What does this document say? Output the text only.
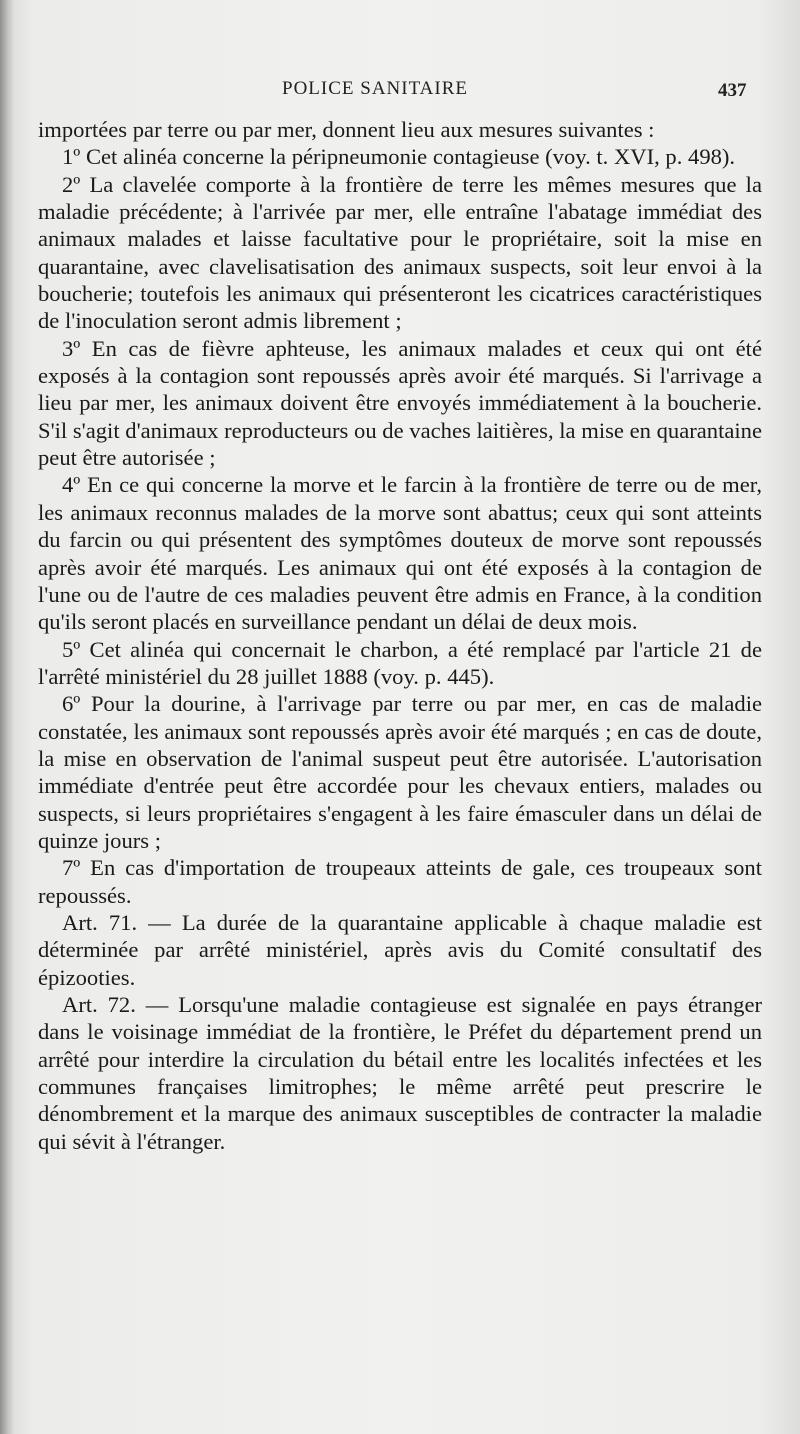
POLICE SANITAIRE	437

importées par terre ou par mer, donnent lieu aux mesures suivantes :

1º Cet alinéa concerne la péripneumonie contagieuse (voy. t. XVI, p. 498).

2º La clavelée comporte à la frontière de terre les mêmes mesures que la maladie précédente; à l'arrivée par mer, elle entraîne l'abatage immédiat des animaux malades et laisse facultative pour le propriétaire, soit la mise en quarantaine, avec clavelisatisation des animaux suspects, soit leur envoi à la boucherie; toutefois les animaux qui présenteront les cicatrices caractéristiques de l'inoculation seront admis librement ;

3º En cas de fièvre aphteuse, les animaux malades et ceux qui ont été exposés à la contagion sont repoussés après avoir été marqués. Si l'arrivage a lieu par mer, les animaux doivent être envoyés immédiatement à la boucherie. S'il s'agit d'animaux reproducteurs ou de vaches laitières, la mise en quarantaine peut être autorisée ;

4º En ce qui concerne la morve et le farcin à la frontière de terre ou de mer, les animaux reconnus malades de la morve sont abattus; ceux qui sont atteints du farcin ou qui présentent des symptômes douteux de morve sont repoussés après avoir été marqués. Les animaux qui ont été exposés à la contagion de l'une ou de l'autre de ces maladies peuvent être admis en France, à la condition qu'ils seront placés en surveillance pendant un délai de deux mois.

5º Cet alinéa qui concernait le charbon, a été remplacé par l'article 21 de l'arrêté ministériel du 28 juillet 1888 (voy. p. 445).

6º Pour la dourine, à l'arrivage par terre ou par mer, en cas de maladie constatée, les animaux sont repoussés après avoir été marqués ; en cas de doute, la mise en observation de l'animal suspeut peut être autorisée. L'autorisation immédiate d'entrée peut être accordée pour les chevaux entiers, malades ou suspects, si leurs propriétaires s'engagent à les faire émasculer dans un délai de quinze jours ;

7º En cas d'importation de troupeaux atteints de gale, ces troupeaux sont repoussés.

Art. 71. — La durée de la quarantaine applicable à chaque maladie est déterminée par arrêté ministériel, après avis du Comité consultatif des épizooties.

Art. 72. — Lorsqu'une maladie contagieuse est signalée en pays étranger dans le voisinage immédiat de la frontière, le Préfet du département prend un arrêté pour interdire la circulation du bétail entre les localités infectées et les communes françaises limitrophes; le même arrêté peut prescrire le dénombrement et la marque des animaux susceptibles de contracter la maladie qui sévit à l'étranger.
